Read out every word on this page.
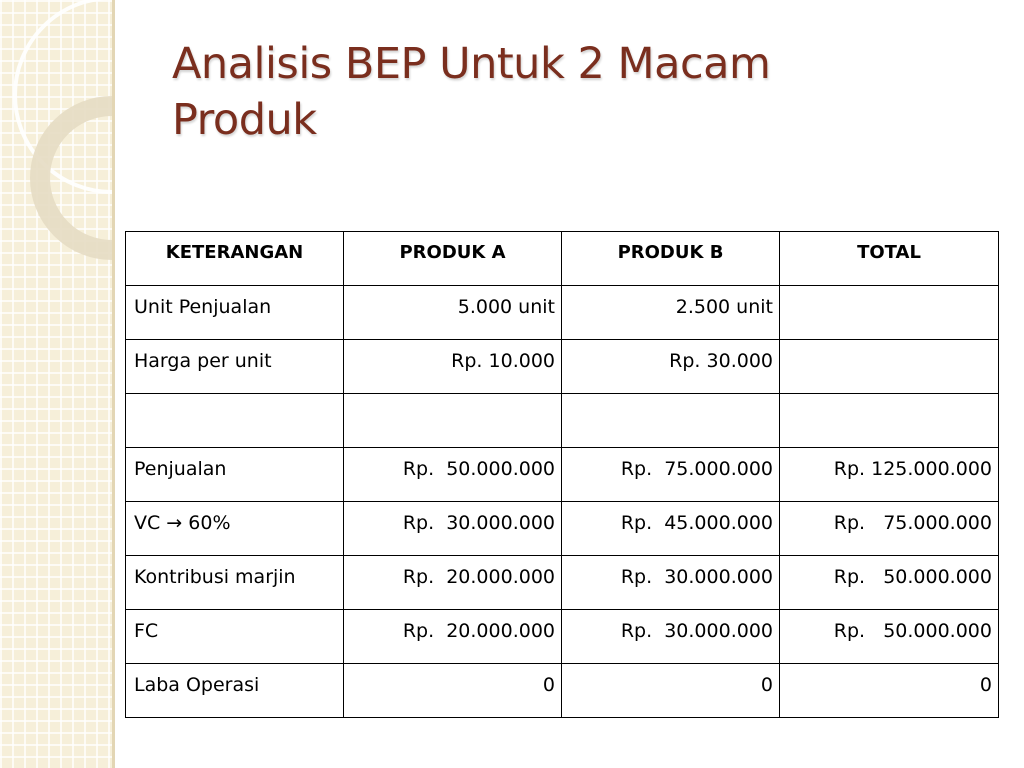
Analisis BEP Untuk 2 Macam
Produk
KETERANGAN	PRODUK A	PRODUK B	TOTAL
Unit Penjualan	5.000 unit	2.500 unit	
Harga per unit	Rp. 10.000	Rp. 30.000	

Penjualan	Rp.  50.000.000	Rp.  75.000.000	Rp. 125.000.000
VC → 60%	Rp.  30.000.000	Rp.  45.000.000	Rp.   75.000.000
Kontribusi marjin	Rp.  20.000.000	Rp.  30.000.000	Rp.   50.000.000
FC	Rp.  20.000.000	Rp.  30.000.000	Rp.   50.000.000
Laba Operasi	0	0	0
